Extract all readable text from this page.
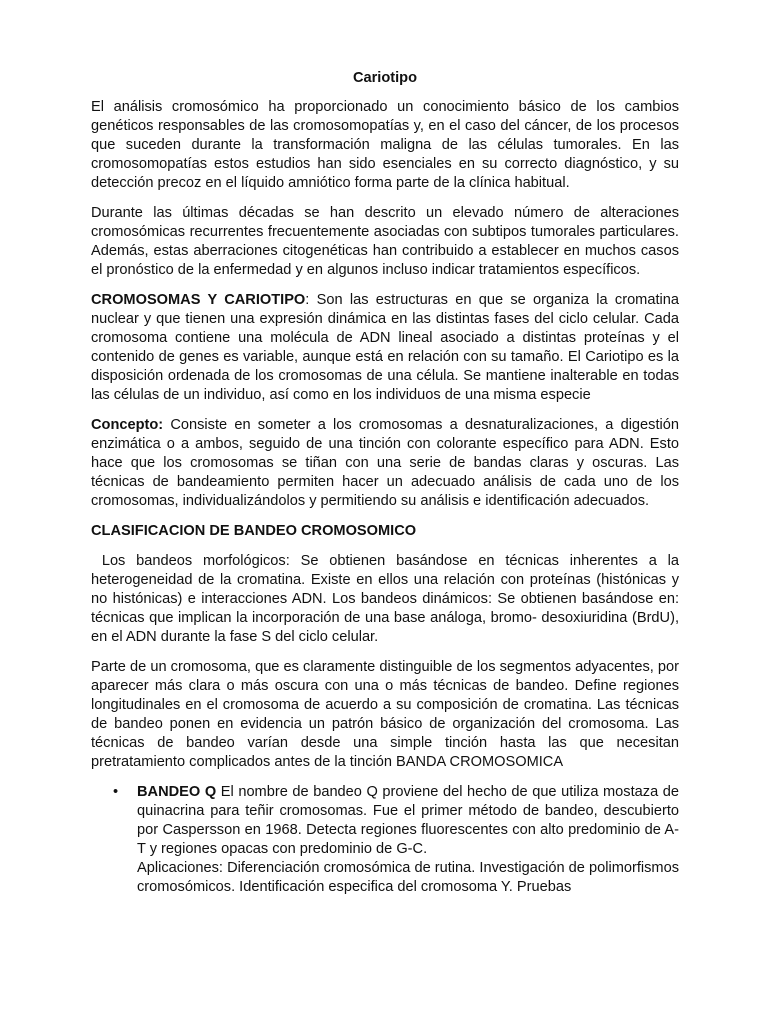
Cariotipo

El análisis cromosómico ha proporcionado un conocimiento básico de los cambios genéticos responsables de las cromosomopatías y, en el caso del cáncer, de los procesos que suceden durante la transformación maligna de las células tumorales. En las cromosomopatías estos estudios han sido esenciales en su correcto diagnóstico, y su detección precoz en el líquido amniótico forma parte de la clínica habitual.

Durante las últimas décadas se han descrito un elevado número de alteraciones cromosómicas recurrentes frecuentemente asociadas con subtipos tumorales particulares. Además, estas aberraciones citogenéticas han contribuido a establecer en muchos casos el pronóstico de la enfermedad y en algunos incluso indicar tratamientos específicos.

CROMOSOMAS Y CARIOTIPO: Son las estructuras en que se organiza la cromatina nuclear y que tienen una expresión dinámica en las distintas fases del ciclo celular. Cada cromosoma contiene una molécula de ADN lineal asociado a distintas proteínas y el contenido de genes es variable, aunque está en relación con su tamaño. El Cariotipo es la disposición ordenada de los cromosomas de una célula. Se mantiene inalterable en todas las células de un individuo, así como en los individuos de una misma especie

Concepto: Consiste en someter a los cromosomas a desnaturalizaciones, a digestión enzimática o a ambos, seguido de una tinción con colorante específico para ADN. Esto hace que los cromosomas se tiñan con una serie de bandas claras y oscuras. Las técnicas de bandeamiento permiten hacer un adecuado análisis de cada uno de los cromosomas, individualizándolos y permitiendo su análisis e identificación adecuados.

CLASIFICACION DE BANDEO CROMOSOMICO

Los bandeos morfológicos: Se obtienen basándose en técnicas inherentes a la heterogeneidad de la cromatina. Existe en ellos una relación con proteínas (histónicas y no histónicas) e interacciones ADN. Los bandeos dinámicos: Se obtienen basándose en: técnicas que implican la incorporación de una base análoga, bromo- desoxiuridina (BrdU), en el ADN durante la fase S del ciclo celular.

Parte de un cromosoma, que es claramente distinguible de los segmentos adyacentes, por aparecer más clara o más oscura con una o más técnicas de bandeo. Define regiones longitudinales en el cromosoma de acuerdo a su composición de cromatina. Las técnicas de bandeo ponen en evidencia un patrón básico de organización del cromosoma. Las técnicas de bandeo varían desde una simple tinción hasta las que necesitan pretratamiento complicados antes de la tinción BANDA CROMOSOMICA

• BANDEO Q El nombre de bandeo Q proviene del hecho de que utiliza mostaza de quinacrina para teñir cromosomas. Fue el primer método de bandeo, descubierto por Caspersson en 1968. Detecta regiones fluorescentes con alto predominio de A-T y regiones opacas con predominio de G-C.
Aplicaciones: Diferenciación cromosómica de rutina. Investigación de polimorfismos cromosómicos. Identificación especifica del cromosoma Y. Pruebas
